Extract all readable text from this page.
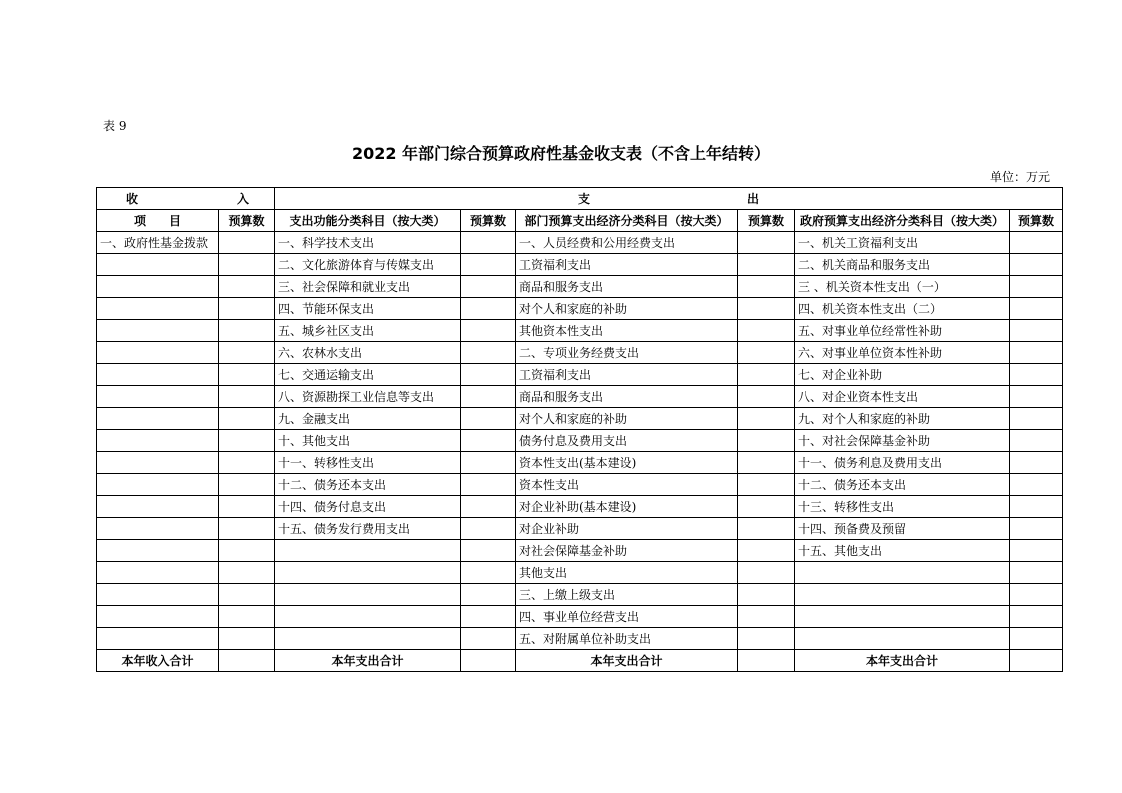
表 9
2022 年部门综合预算政府性基金收支表（不含上年结转）
单位：万元
收 入		支 出					

项 目	预算数	支出功能分类科目（按大类）	预算数	部门预算支出经济分类科目（按大类）	预算数	政府预算支出经济分类科目（按大类）	预算数
一、政府性基金拨款		一、科学技术支出		一、人员经费和公用经费支出		一、机关工资福利支出	
		二、文化旅游体育与传媒支出		工资福利支出		二、机关商品和服务支出	
		三、社会保障和就业支出		商品和服务支出		三 、机关资本性支出（一）	
		四、节能环保支出		对个人和家庭的补助		四、机关资本性支出（二）	
		五、城乡社区支出		其他资本性支出		五、对事业单位经常性补助	
		六、农林水支出		二、专项业务经费支出		六、对事业单位资本性补助	
		七、交通运输支出		工资福利支出		七、对企业补助	
		八、资源勘探工业信息等支出		商品和服务支出		八、对企业资本性支出	
		九、金融支出		对个人和家庭的补助		九、对个人和家庭的补助	
		十、其他支出		债务付息及费用支出		十、对社会保障基金补助	
		十一、转移性支出		资本性支出(基本建设)		十一、债务利息及费用支出	
		十二、债务还本支出		资本性支出		十二、债务还本支出	
		十四、债务付息支出		对企业补助(基本建设)		十三、转移性支出	
		十五、债务发行费用支出		对企业补助		十四、预备费及预留	
				对社会保障基金补助		十五、其他支出	
				其他支出			
				三、上缴上级支出			
				四、事业单位经营支出			
				五、对附属单位补助支出			
本年收入合计		本年支出合计		本年支出合计		本年支出合计	
